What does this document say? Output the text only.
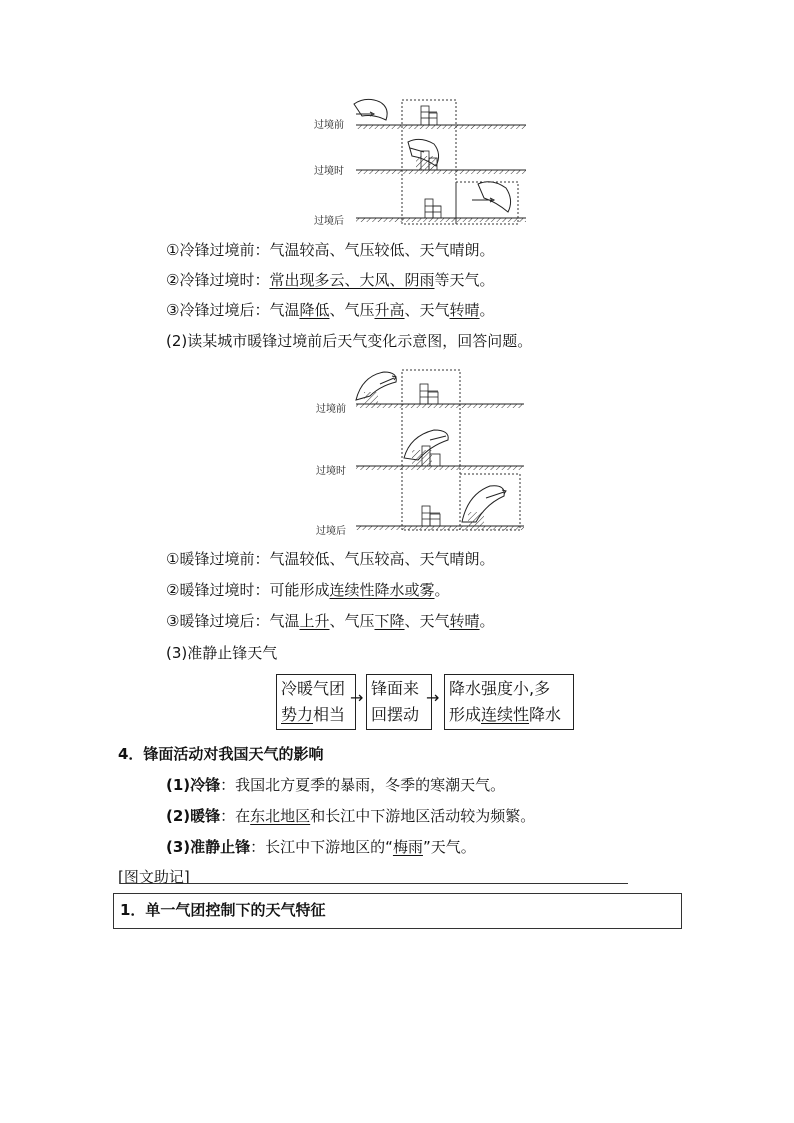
过境前
过境时
过境后
①冷锋过境前：气温较高、气压较低、天气晴朗。
②冷锋过境时：常出现多云、大风、阴雨等天气。
③冷锋过境后：气温降低、气压升高、天气转晴。
(2)读某城市暖锋过境前后天气变化示意图，回答问题。
过境前
过境时
过境后
①暖锋过境前：气温较低、气压较高、天气晴朗。
②暖锋过境时：可能形成连续性降水或雾。
③暖锋过境后：气温上升、气压下降、天气转晴。
(3)准静止锋天气
冷暖气团
势力相当
→ 锋面来
回摆动
→ 降水强度小,多
形成连续性降水
4．锋面活动对我国天气的影响
(1)冷锋：我国北方夏季的暴雨，冬季的寒潮天气。
(2)暖锋：在东北地区和长江中下游地区活动较为频繁。
(3)准静止锋：长江中下游地区的“梅雨”天气。
[图文助记]
1．单一气团控制下的天气特征
